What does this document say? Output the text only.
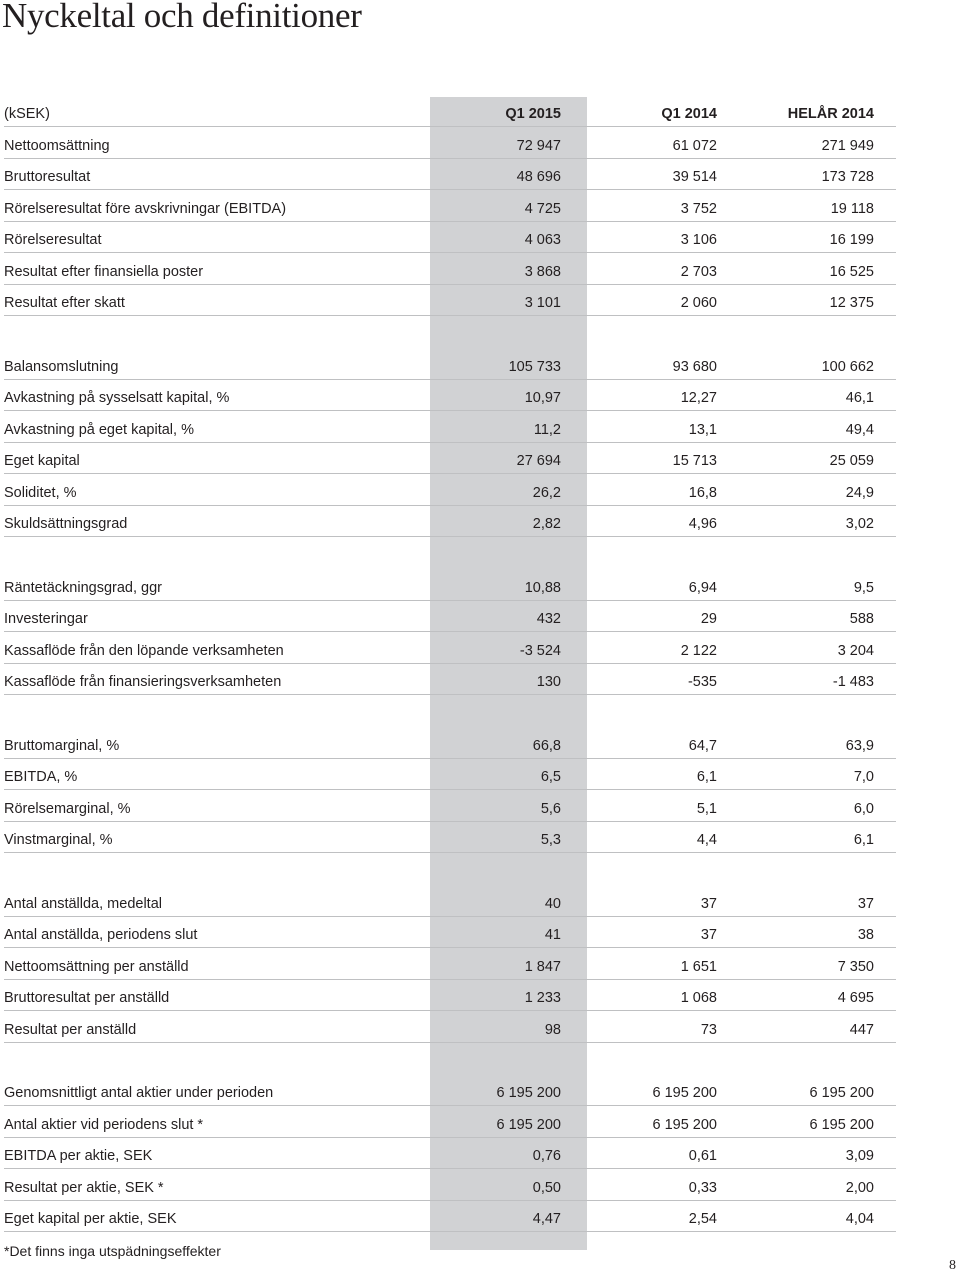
Nyckeltal och definitioner
(kSEK)	Q1 2015	Q1 2014	HELÅR 2014
Nettoomsättning	72 947	61 072	271 949
Bruttoresultat	48 696	39 514	173 728
Rörelseresultat före avskrivningar (EBITDA)	4 725	3 752	19 118
Rörelseresultat	4 063	3 106	16 199
Resultat efter finansiella poster	3 868	2 703	16 525
Resultat efter skatt	3 101	2 060	12 375
Balansomslutning	105 733	93 680	100 662
Avkastning på sysselsatt kapital, %	10,97	12,27	46,1
Avkastning på eget kapital, %	11,2	13,1	49,4
Eget kapital	27 694	15 713	25 059
Soliditet, %	26,2	16,8	24,9
Skuldsättningsgrad	2,82	4,96	3,02
Räntetäckningsgrad, ggr	10,88	6,94	9,5
Investeringar	432	29	588
Kassaflöde från den löpande verksamheten	-3 524	2 122	3 204
Kassaflöde från finansieringsverksamheten	130	-535	-1 483
Bruttomarginal, %	66,8	64,7	63,9
EBITDA, %	6,5	6,1	7,0
Rörelsemarginal, %	5,6	5,1	6,0
Vinstmarginal, %	5,3	4,4	6,1
Antal anställda, medeltal	40	37	37
Antal anställda, periodens slut	41	37	38
Nettoomsättning per anställd	1 847	1 651	7 350
Bruttoresultat per anställd	1 233	1 068	4 695
Resultat per anställd	98	73	447
Genomsnittligt antal aktier under perioden	6 195 200	6 195 200	6 195 200
Antal aktier vid periodens slut *	6 195 200	6 195 200	6 195 200
EBITDA per aktie, SEK	0,76	0,61	3,09
Resultat per aktie, SEK *	0,50	0,33	2,00
Eget kapital per aktie, SEK	4,47	2,54	4,04
*Det finns inga utspädningseffekter
8
